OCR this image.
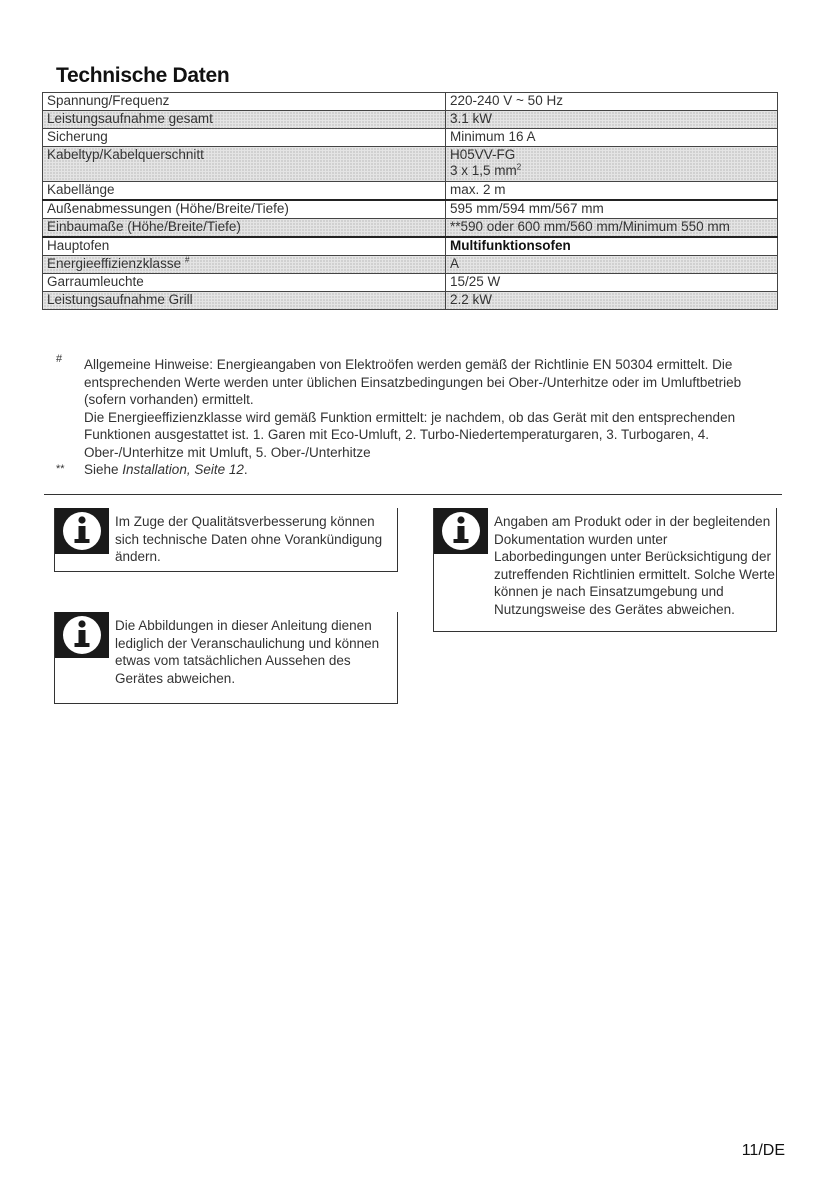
Technische Daten
Spannung/Frequenz	220-240 V ~ 50 Hz
Leistungsaufnahme gesamt	3.1 kW
Sicherung	Minimum 16 A
Kabeltyp/Kabelquerschnitt	H05VV-FG
3 x 1,5 $mm^2$

Kabellänge	max. 2 m
Außenabmessungen (Höhe/Breite/Tiefe)	595 mm/594 mm/567 mm
Einbaumaße (Höhe/Breite/Tiefe)	**590 oder 600 mm/560 mm/Minimum 550 mm
Hauptofen	Multifunktionsofen
Energieeffizienzklasse #	A
Garraumleuchte	15/25 W
Leistungsaufnahme Grill	2.2 kW
# Allgemeine Hinweise: Energieangaben von Elektroöfen werden gemäß der Richtlinie EN 50304 ermittelt. Die entsprechenden Werte werden unter üblichen Einsatzbedingungen bei Ober-/Unterhitze oder im Umluftbetrieb (sofern vorhanden) ermittelt.
Die Energieeffizienzklasse wird gemäß Funktion ermittelt: je nachdem, ob das Gerät mit den entsprechenden Funktionen ausgestattet ist. 1. Garen mit Eco-Umluft, 2. Turbo-Niedertemperaturgaren, 3. Turbogaren, 4. Ober-/Unterhitze mit Umluft, 5. Ober-/Unterhitze
** Siehe Installation, Seite 12.
Im Zuge der Qualitätsverbesserung können sich technische Daten ohne Vorankündigung ändern.
Die Abbildungen in dieser Anleitung dienen lediglich der Veranschaulichung und können etwas vom tatsächlichen Aussehen des Gerätes abweichen.
Angaben am Produkt oder in der begleitenden Dokumentation wurden unter Laborbedingungen unter Berücksichtigung der zutreffenden Richtlinien ermittelt. Solche Werte können je nach Einsatzumgebung und Nutzungsweise des Gerätes abweichen.
11/DE
